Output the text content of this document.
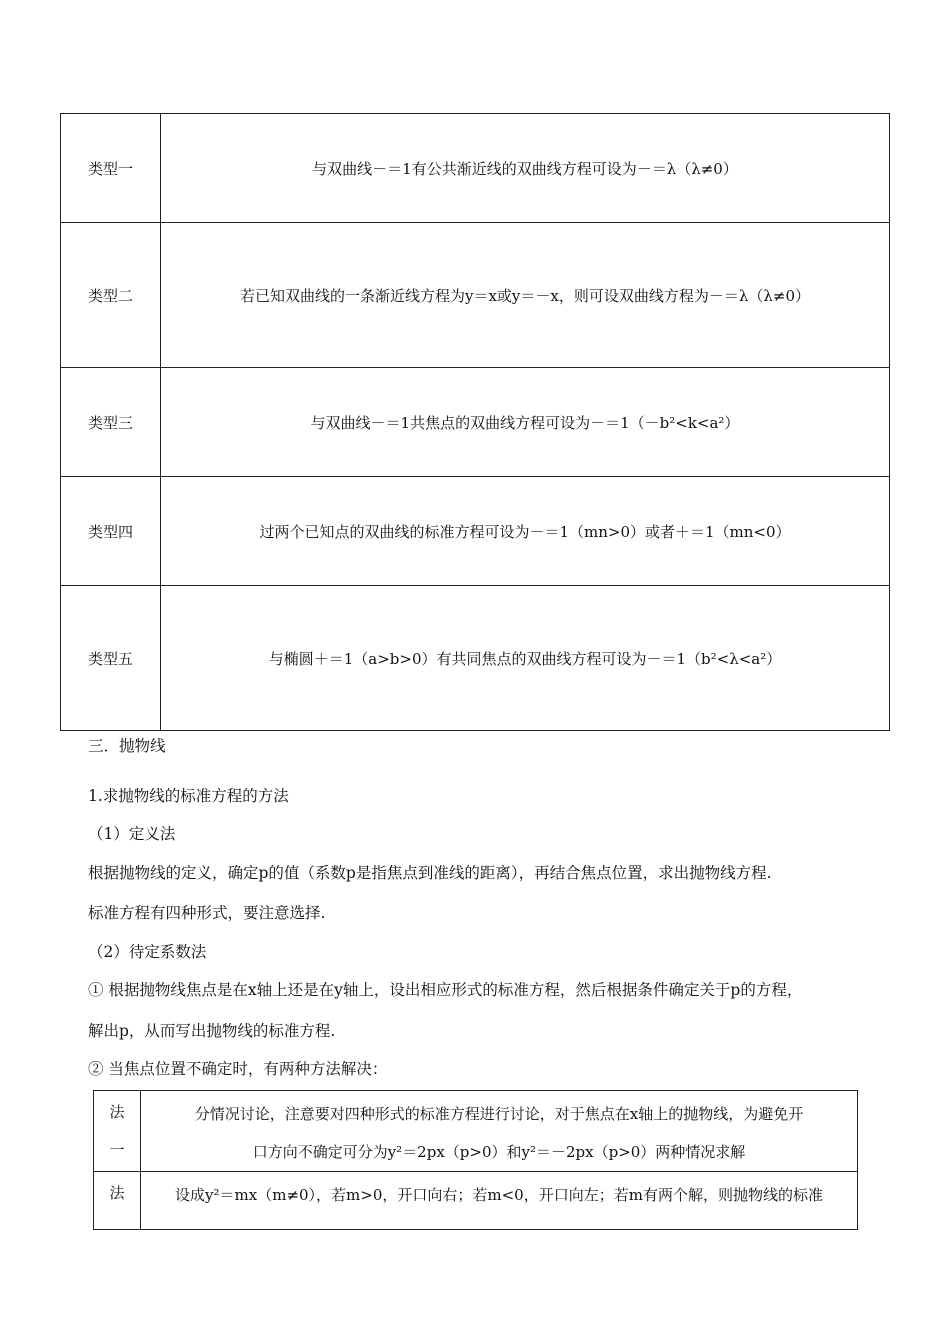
类型一	与双曲线－＝1有公共渐近线的双曲线方程可设为－＝λ（λ≠0）
类型二	若已知双曲线的一条渐近线方程为y＝x或y＝－x，则可设双曲线方程为－＝λ（λ≠0）
类型三	与双曲线－＝1共焦点的双曲线方程可设为－＝1（－b²<k<a²）
类型四	过两个已知点的双曲线的标准方程可设为－＝1（mn>0）或者＋＝1（mn<0）
类型五	与椭圆＋＝1（a>b>0）有共同焦点的双曲线方程可设为－＝1（b²<λ<a²）
三．抛物线
1.求抛物线的标准方程的方法
（1）定义法
根据抛物线的定义，确定p的值（系数p是指焦点到准线的距离），再结合焦点位置，求出抛物线方程.
标准方程有四种形式，要注意选择.
（2）待定系数法
① 根据抛物线焦点是在x轴上还是在y轴上，设出相应形式的标准方程，然后根据条件确定关于p的方程，
解出p，从而写出抛物线的标准方程.
② 当焦点位置不确定时，有两种方法解决：
法
一	分情况讨论，注意要对四种形式的标准方程进行讨论，对于焦点在x轴上的抛物线，为避免开
口方向不确定可分为y²＝2px（p>0）和y²＝－2px（p>0）两种情况求解

法	设成y²＝mx（m≠0），若m>0，开口向右；若m<0，开口向左；若m有两个解，则抛物线的标准
